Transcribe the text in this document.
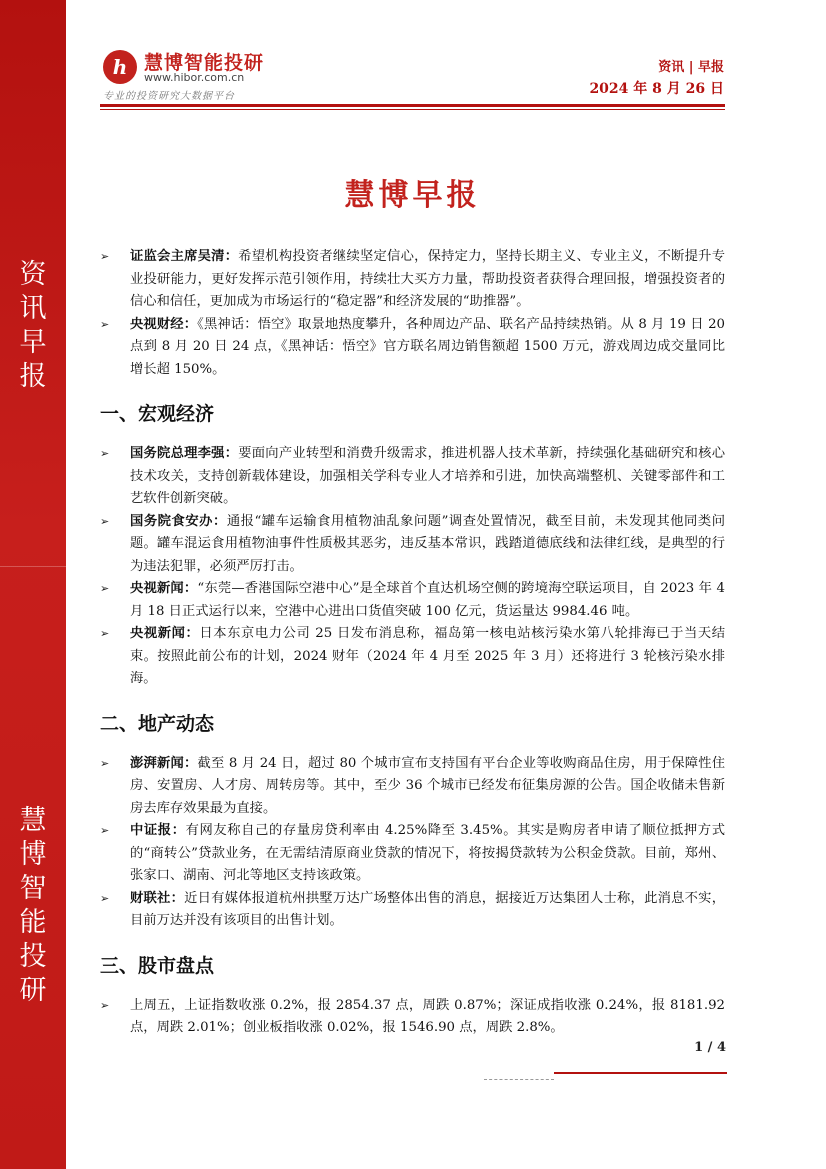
资
讯
早
报
慧
博
智
能
投
研
h 慧博智能投研
www.hibor.com.cn
专业的投资研究大数据平台
资讯 | 早报
2024 年 8 月 26 日
慧博早报
➢ 证监会主席吴清：希望机构投资者继续坚定信心，保持定力，坚持长期主义、专业主义，不断提升专业投研能力，更好发挥示范引领作用，持续壮大买方力量，帮助投资者获得合理回报，增强投资者的信心和信任，更加成为市场运行的“稳定器”和经济发展的“助推器”。
➢ 央视财经：《黑神话：悟空》取景地热度攀升，各种周边产品、联名产品持续热销。从 8 月 19 日 20 点到 8 月 20 日 24 点，《黑神话：悟空》官方联名周边销售额超 1500 万元，游戏周边成交量同比增长超 150%。
一、宏观经济
➢ 国务院总理李强：要面向产业转型和消费升级需求，推进机器人技术革新，持续强化基础研究和核心技术攻关，支持创新载体建设，加强相关学科专业人才培养和引进，加快高端整机、关键零部件和工艺软件创新突破。
➢ 国务院食安办：通报“罐车运输食用植物油乱象问题”调查处置情况，截至目前，未发现其他同类问题。罐车混运食用植物油事件性质极其恶劣，违反基本常识，践踏道德底线和法律红线，是典型的行为违法犯罪，必须严厉打击。
➢ 央视新闻：“东莞—香港国际空港中心”是全球首个直达机场空侧的跨境海空联运项目，自 2023 年 4 月 18 日正式运行以来，空港中心进出口货值突破 100 亿元，货运量达 9984.46 吨。
➢ 央视新闻：日本东京电力公司 25 日发布消息称，福岛第一核电站核污染水第八轮排海已于当天结束。按照此前公布的计划，2024 财年（2024 年 4 月至 2025 年 3 月）还将进行 3 轮核污染水排海。
二、地产动态
➢ 澎湃新闻：截至 8 月 24 日，超过 80 个城市宣布支持国有平台企业等收购商品住房，用于保障性住房、安置房、人才房、周转房等。其中，至少 36 个城市已经发布征集房源的公告。国企收储未售新房去库存效果最为直接。
➢ 中证报：有网友称自己的存量房贷利率由 4.25%降至 3.45%。其实是购房者申请了顺位抵押方式的“商转公”贷款业务，在无需结清原商业贷款的情况下，将按揭贷款转为公积金贷款。目前，郑州、张家口、湖南、河北等地区支持该政策。
➢ 财联社：近日有媒体报道杭州拱墅万达广场整体出售的消息，据接近万达集团人士称，此消息不实，目前万达并没有该项目的出售计划。
三、股市盘点
➢ 上周五，上证指数收涨 0.2%，报 2854.37 点，周跌 0.87%；深证成指收涨 0.24%，报 8181.92 点，周跌 2.01%；创业板指收涨 0.02%，报 1546.90 点，周跌 2.8%。
1 / 4
